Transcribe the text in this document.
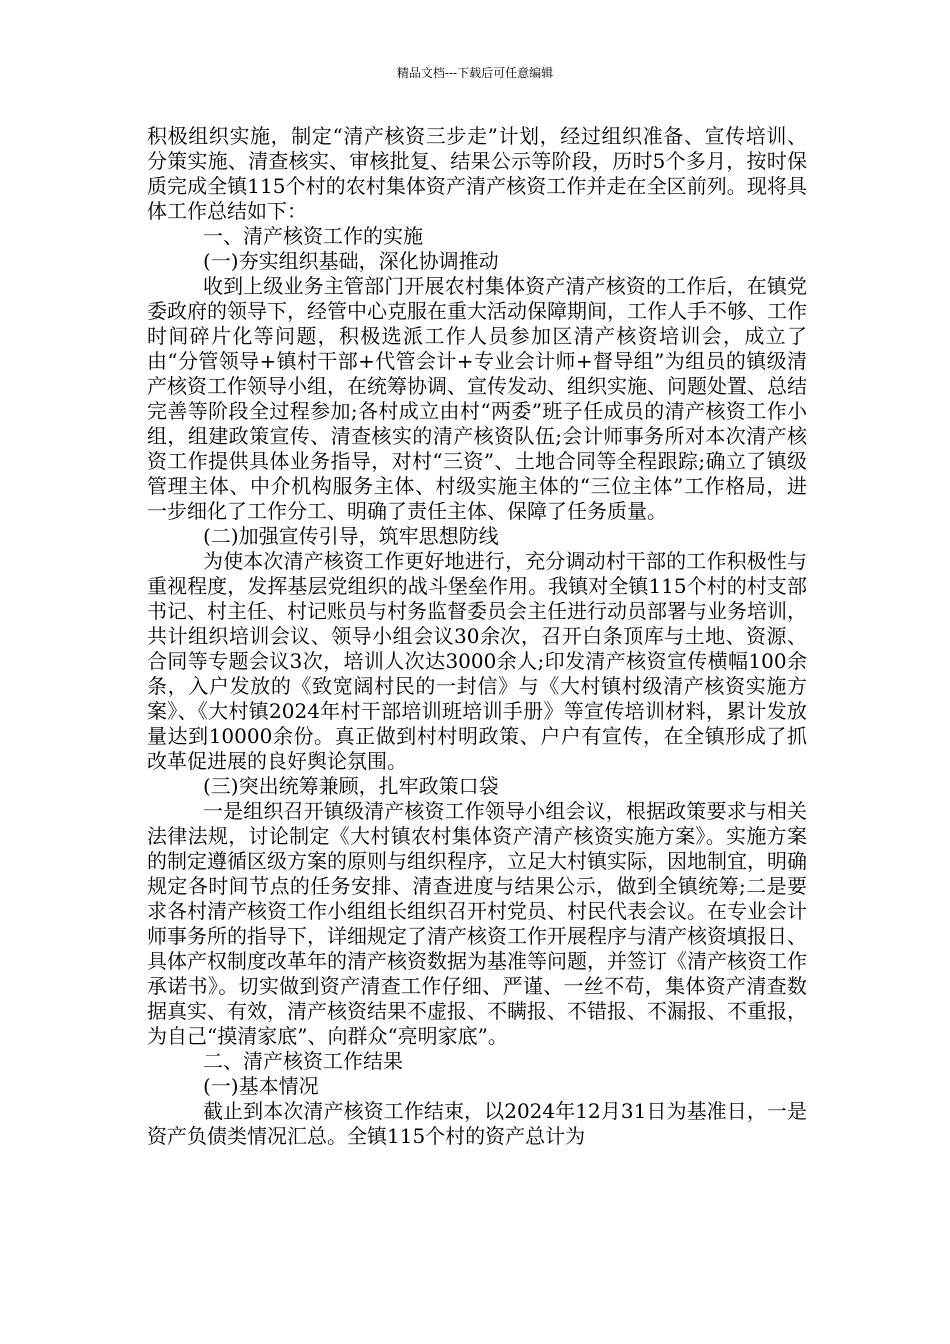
精品文档---下载后可任意编辑

积极组织实施，制定“清产核资三步走”计划，经过组织准备、宣传培训、分策实施、清查核实、审核批复、结果公示等阶段，历时5个多月，按时保质完成全镇115个村的农村集体资产清产核资工作并走在全区前列。现将具体工作总结如下：

一、清产核资工作的实施

(一)夯实组织基础，深化协调推动

收到上级业务主管部门开展农村集体资产清产核资的工作后，在镇党委政府的领导下，经管中心克服在重大活动保障期间，工作人手不够、工作时间碎片化等问题，积极选派工作人员参加区清产核资培训会，成立了由“分管领导+镇村干部+代管会计+专业会计师+督导组”为组员的镇级清产核资工作领导小组，在统筹协调、宣传发动、组织实施、问题处置、总结完善等阶段全过程参加;各村成立由村“两委”班子任成员的清产核资工作小组，组建政策宣传、清查核实的清产核资队伍;会计师事务所对本次清产核资工作提供具体业务指导，对村“三资”、土地合同等全程跟踪;确立了镇级管理主体、中介机构服务主体、村级实施主体的“三位主体”工作格局，进一步细化了工作分工、明确了责任主体、保障了任务质量。

(二)加强宣传引导，筑牢思想防线

为使本次清产核资工作更好地进行，充分调动村干部的工作积极性与重视程度，发挥基层党组织的战斗堡垒作用。我镇对全镇115个村的村支部书记、村主任、村记账员与村务监督委员会主任进行动员部署与业务培训，共计组织培训会议、领导小组会议30余次，召开白条顶库与土地、资源、合同等专题会议3次，培训人次达3000余人;印发清产核资宣传横幅100余条，入户发放的《致宽阔村民的一封信》与《大村镇村级清产核资实施方案》、《大村镇2024年村干部培训班培训手册》等宣传培训材料，累计发放量达到10000余份。真正做到村村明政策、户户有宣传，在全镇形成了抓改革促进展的良好舆论氛围。

(三)突出统筹兼顾，扎牢政策口袋

一是组织召开镇级清产核资工作领导小组会议，根据政策要求与相关法律法规，讨论制定《大村镇农村集体资产清产核资实施方案》。实施方案的制定遵循区级方案的原则与组织程序，立足大村镇实际，因地制宜，明确规定各时间节点的任务安排、清查进度与结果公示，做到全镇统筹;二是要求各村清产核资工作小组组长组织召开村党员、村民代表会议。在专业会计师事务所的指导下，详细规定了清产核资工作开展程序与清产核资填报日、具体产权制度改革年的清产核资数据为基准等问题，并签订《清产核资工作承诺书》。切实做到资产清查工作仔细、严谨、一丝不苟，集体资产清查数据真实、有效，清产核资结果不虚报、不瞒报、不错报、不漏报、不重报，为自己“摸清家底”、向群众“亮明家底”。

二、清产核资工作结果

(一)基本情况

截止到本次清产核资工作结束，以2024年12月31日为基准日，一是资产负债类情况汇总。全镇115个村的资产总计为
